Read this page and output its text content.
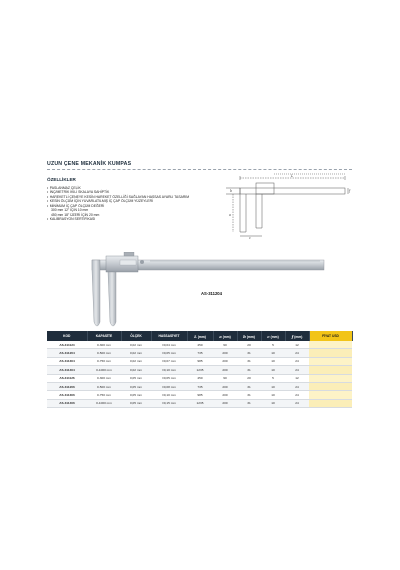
UZUN ÇENE MEKANİK KUMPAS
ÖZELLİKLER
• PASLANMAZ ÇELİK
• İNÇ/METRİK İKİLİ SKALAYA SAHİPTİK
• HAREKETLİ ÇENEYE KESİN HAREKET ÖZELLİĞİ SAĞLAYAN HASSAS AYARLI TASARIM
• KESİN ÖLÇÜM İÇİN YUVARLATILMIŞ İÇ ÇAP ÖLÇÜM YÜZEYLERİ
• MİNİMUM İÇ ÇAP ÖLÇÜM DEĞERİ
300 mm 12" İÇİN 10 mm
450 mm 18" ÜZERİ İÇİN 20 mm
• KALİBRASYON SERTİFİKASI
L
b
a
c
f
AS-311204
KOD	KAPASİTE	ÖLÇEK	HASSASİYET	L (mm)	a (mm)	b (mm)	c (mm)	f (mm)	FİYAT USD
AS-311124	0-300 mm	0,02 mm	±0,04 mm	450	90	20	5	12	
AS-311204	0-500 mm	0,02 mm	±0,05 mm	735	200	31	10	24	
AS-311304	0-750 mm	0,02 mm	±0,07 mm	985	200	31	10	24	
AS-311404	0-1000 mm	0,02 mm	±0,10 mm	1235	200	31	10	24	
AS-311126	0-300 mm	0,05 mm	±0,05 mm	450	90	20	5	12	
AS-311206	0-500 mm	0,05 mm	±0,08 mm	735	200	31	10	24	
AS-311306	0-750 mm	0,05 mm	±0,10 mm	985	200	31	10	24	
AS-311406	0-1000 mm	0,05 mm	±0,15 mm	1235	200	31	10	24	
